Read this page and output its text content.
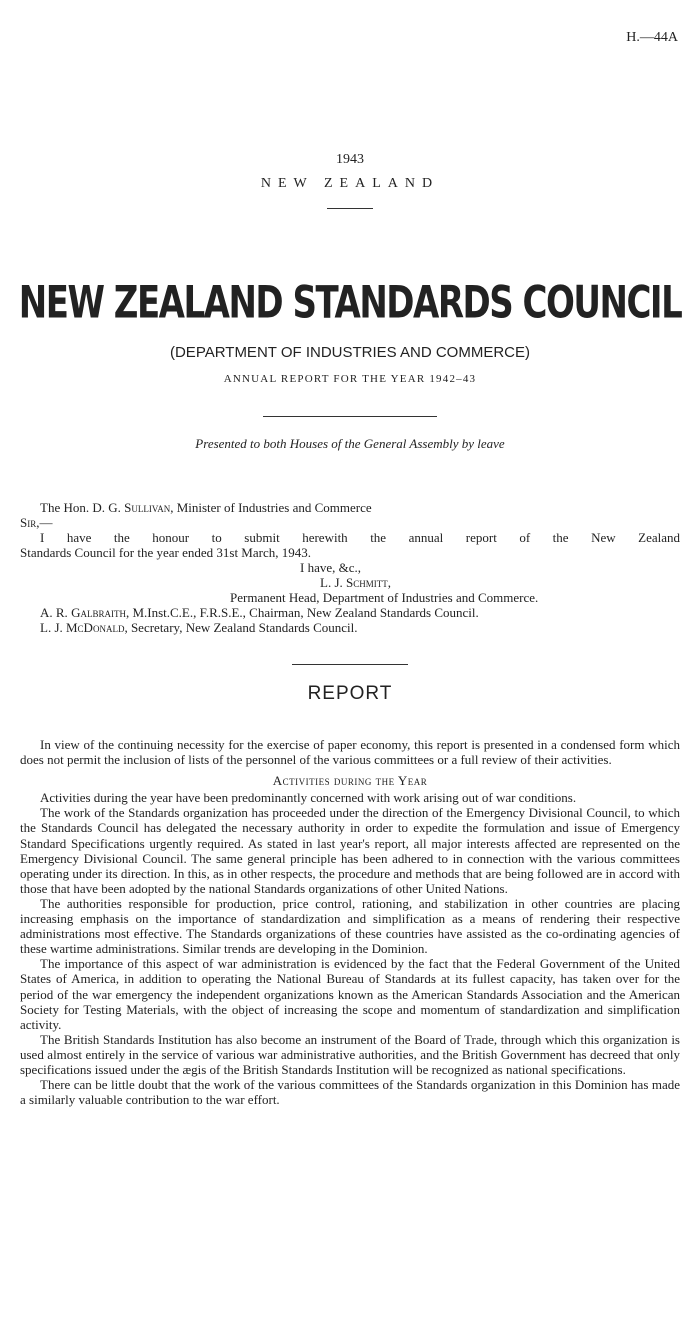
H.—44A
1943
NEW ZEALAND
NEW ZEALAND STANDARDS COUNCIL
(DEPARTMENT OF INDUSTRIES AND COMMERCE)
ANNUAL REPORT FOR THE YEAR 1942–43
Presented to both Houses of the General Assembly by leave

The Hon. D. G. Sullivan, Minister of Industries and Commerce

Sir,—

I have the honour to submit herewith the annual report of the New Zealand

Standards Council for the year ended 31st March, 1943.

I have, &c.,

L. J. Schmitt,

Permanent Head, Department of Industries and Commerce.

A. R. Galbraith, M.Inst.C.E., F.R.S.E., Chairman, New Zealand Standards Council.

L. J. McDonald, Secretary, New Zealand Standards Council.

REPORT

In view of the continuing necessity for the exercise of paper economy, this report is presented in a condensed form which does not permit the inclusion of lists of the personnel of the various committees or a full review of their activities.

Activities during the Year

Activities during the year have been predominantly concerned with work arising out of war conditions.

The work of the Standards organization has proceeded under the direction of the Emergency Divisional Council, to which the Standards Council has delegated the necessary authority in order to expedite the formulation and issue of Emergency Standard Specifications urgently required. As stated in last year's report, all major interests affected are represented on the Emergency Divisional Council. The same general principle has been adhered to in connection with the various committees operating under its direction. In this, as in other respects, the procedure and methods that are being followed are in accord with those that have been adopted by the national Standards organizations of other United Nations.

The authorities responsible for production, price control, rationing, and stabilization in other countries are placing increasing emphasis on the importance of standardization and simplification as a means of rendering their respective administrations most effective. The Standards organizations of these countries have assisted as the co-ordinating agencies of these wartime administrations. Similar trends are developing in the Dominion.

The importance of this aspect of war administration is evidenced by the fact that the Federal Government of the United States of America, in addition to operating the National Bureau of Standards at its fullest capacity, has taken over for the period of the war emergency the independent organizations known as the American Standards Association and the American Society for Testing Materials, with the object of increasing the scope and momentum of standardization and simplification activity.

The British Standards Institution has also become an instrument of the Board of Trade, through which this organization is used almost entirely in the service of various war administrative authorities, and the British Government has decreed that only specifications issued under the ægis of the British Standards Institution will be recognized as national specifications.

There can be little doubt that the work of the various committees of the Standards organization in this Dominion has made a similarly valuable contribution to the war effort.
